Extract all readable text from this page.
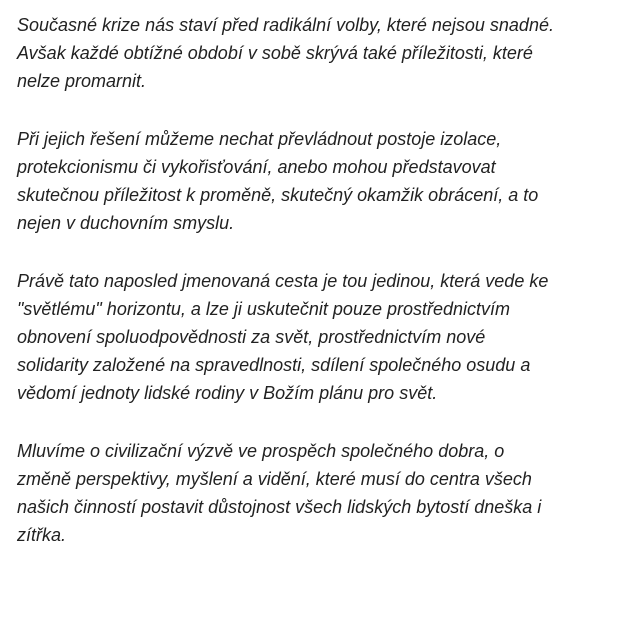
Současné krize nás staví před radikální volby, které nejsou snadné.
Avšak každé obtížné období v sobě skrývá také příležitosti, které
nelze promarnit.

Při jejich řešení můžeme nechat převládnout postoje izolace,
protekcionismu či vykořisťování, anebo mohou představovat
skutečnou příležitost k proměně, skutečný okamžik obrácení, a to
nejen v duchovním smyslu.

Právě tato naposled jmenovaná cesta je tou jedinou, která vede ke
"světlému" horizontu, a lze ji uskutečnit pouze prostřednictvím
obnovení spoluodpovědnosti za svět, prostřednictvím nové
solidarity založené na spravedlnosti, sdílení společného osudu a
vědomí jednoty lidské rodiny v Božím plánu pro svět.

Mluvíme o civilizační výzvě ve prospěch společného dobra, o
změně perspektivy, myšlení a vidění, které musí do centra všech
našich činností postavit důstojnost všech lidských bytostí dneška i
zítřka.
